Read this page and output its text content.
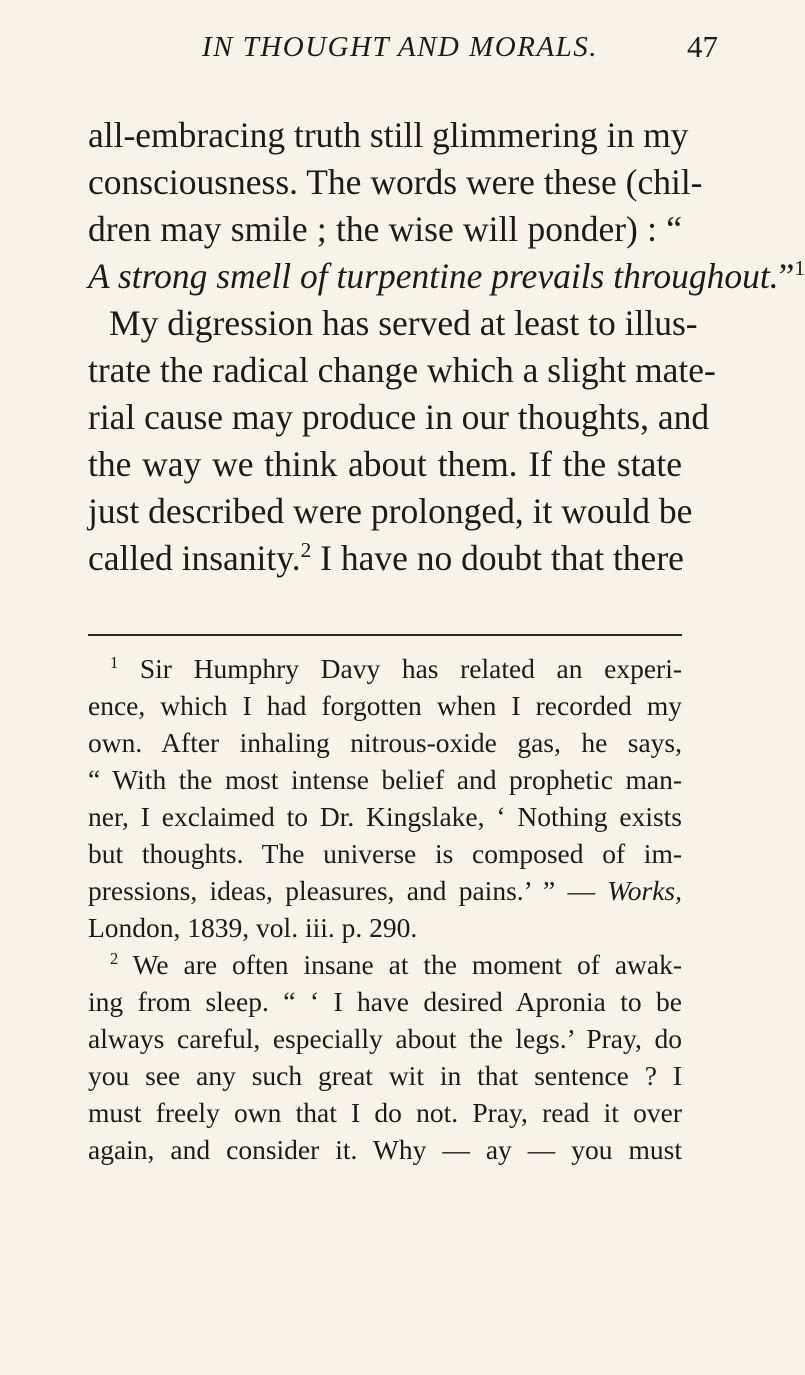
IN THOUGHT AND MORALS.	47
all-embracing truth still glimmering in my
consciousness. The words were these (chil-
dren may smile ; the wise will ponder) : “
A strong smell of turpentine prevails throughout.”$^1$
My digression has served at least to illus-
trate the radical change which a slight mate-
rial cause may produce in our thoughts, and
the way we think about them. If the state
just described were prolonged, it would be
called insanity.$^2$ I have no doubt that there
$^1$ Sir Humphry Davy has related an experi-
ence, which I had forgotten when I recorded my
own. After inhaling nitrous-oxide gas, he says,
“ With the most intense belief and prophetic man-
ner, I exclaimed to Dr. Kingslake, ‘ Nothing exists
but thoughts. The universe is composed of im-
pressions, ideas, pleasures, and pains.’ ” — Works,
London, 1839, vol. iii. p. 290.
$^2$ We are often insane at the moment of awak-
ing from sleep. “ ‘ I have desired Apronia to be
always careful, especially about the legs.’ Pray, do
you see any such great wit in that sentence ? I
must freely own that I do not. Pray, read it over
again, and consider it. Why — ay — you must
